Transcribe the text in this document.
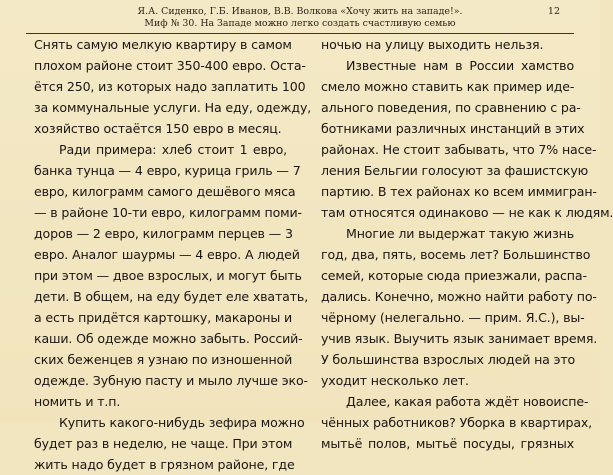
Я.А. Сиденко, Г.Б. Иванов, В.В. Волкова «Хочу жить на западе!».
Миф № 30. На Западе можно легко создать счастливую семью
12
Снять самую мелкую квартиру в самом
плохом районе стоит 350-400 евро. Оста-
ётся 250, из которых надо заплатить 100
за коммунальные услуги. На еду, одежду,
хозяйство остаётся 150 евро в месяц.
Ради примера: хлеб стоит 1 евро,
банка тунца — 4 евро, курица гриль — 7
евро, килограмм самого дешёвого мяса
— в районе 10-ти евро, килограмм поми-
доров — 2 евро, килограмм перцев — 3
евро. Аналог шаурмы — 4 евро. А людей
при этом — двое взрослых, и могут быть
дети. В общем, на еду будет еле хватать,
а есть придётся картошку, макароны и
каши. Об одежде можно забыть. Россий-
ских беженцев я узнаю по изношенной
одежде. Зубную пасту и мыло лучше эко-
номить и т.п.
Купить какого-нибудь зефира можно
будет раз в неделю, не чаще. При этом
жить надо будет в грязном районе, где
ночью на улицу выходить нельзя.
Известные нам в России хамство
смело можно ставить как пример иде-
ального поведения, по сравнению с ра-
ботниками различных инстанций в этих
районах. Не стоит забывать, что 7% насе-
ления Бельгии голосуют за фашистскую
партию. В тех районах ко всем иммигран-
там относятся одинаково — не как к людям.
Многие ли выдержат такую жизнь
год, два, пять, восемь лет? Большинство
семей, которые сюда приезжали, распа-
дались. Конечно, можно найти работу по-
чёрному (нелегально. — прим. Я.С.), вы-
учив язык. Выучить язык занимает время.
У большинства взрослых людей на это
уходит несколько лет.
Далее, какая работа ждёт новоиспе-
чённых работников? Уборка в квартирах,
мытьё полов, мытьё посуды, грязных
